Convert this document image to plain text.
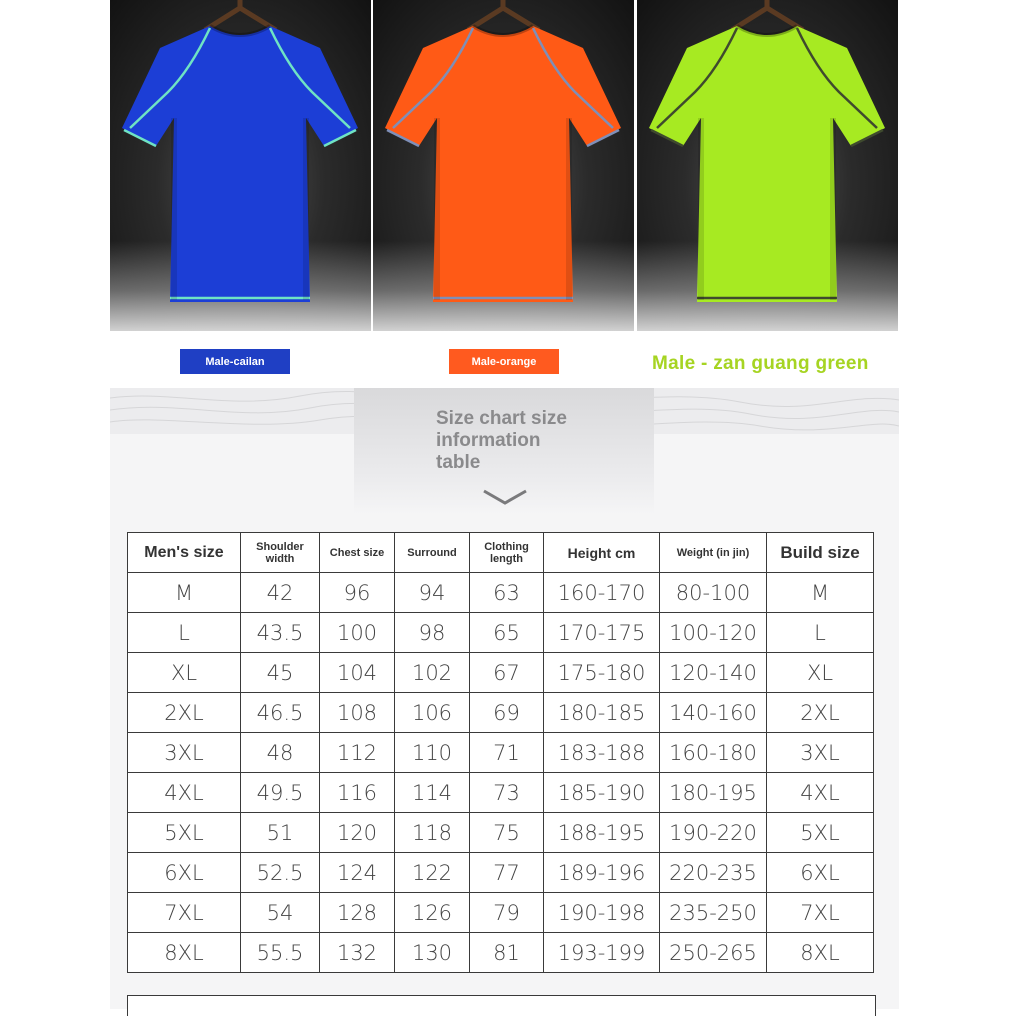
Male-cailan	Male-orange	Male - zan guang green
Size chart size
information
table
Men's size	Shoulder width	Chest size	Surround	Clothing length	Height cm	Weight (in jin)	Build size
M	42	96	94	63	160-170	80-100	M
L	43.5	100	98	65	170-175	100-120	L
XL	45	104	102	67	175-180	120-140	XL
2XL	46.5	108	106	69	180-185	140-160	2XL
3XL	48	112	110	71	183-188	160-180	3XL
4XL	49.5	116	114	73	185-190	180-195	4XL
5XL	51	120	118	75	188-195	190-220	5XL
6XL	52.5	124	122	77	189-196	220-235	6XL
7XL	54	128	126	79	190-198	235-250	7XL
8XL	55.5	132	130	81	193-199	250-265	8XL
